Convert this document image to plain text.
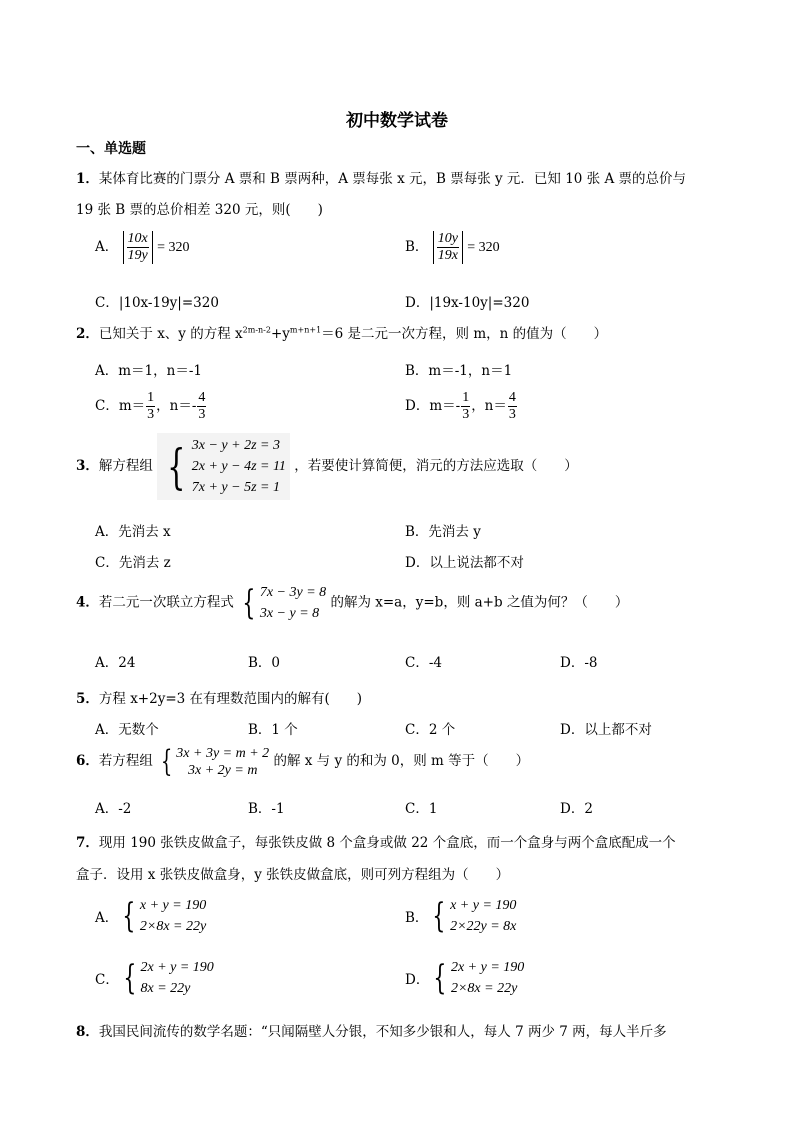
初中数学试卷
一、单选题
1．某体育比赛的门票分 A 票和 B 票两种，A 票每张 x 元，B 票每张 y 元．已知 10 张 A 票的总价与
19 张 B 票的总价相差 320 元，则(　　)
A． $\frac{10x}{19y} = 320$	B． $\frac{10y}{19x} = 320$
C．|10x-19y|=320	D．|19x-10y|=320
2．已知关于 x、y 的方程 $x^{2m-n-2}+y^{m+n+1}=6$ 是二元一次方程，则 m，n 的值为（　　）
A．m＝1，n＝-1	B．m＝-1，n＝1
C．$m= \frac{1}{3}$ ，$n=- \frac{4}{3}$	D．$m=- \frac{1}{3}$ ，$n= \frac{4}{3}$
3．解方程组 { 3x − y + 2z = 3
2x + y − 4z = 11
7x + y − 5z = 1
，若要使计算简便，消元的方法应选取（　　）
A．先消去 x	B．先消去 y
C．先消去 z	D．以上说法都不对
4．若二元一次联立方程式 { 7x − 3y = 8
3x − y = 8
的解为 x=a，y=b，则 a+b 之值为何？（　　）
A．24	B．0	C．-4	D．-8
5．方程 x+2y=3 在有理数范围内的解有(　　)
A．无数个	B．1 个	C．2 个	D．以上都不对
6．若方程组 { 3x + 3y = m + 2
3x + 2y = m
的解 x 与 y 的和为 0，则 m 等于（　　）
A．-2	B．-1	C．1	D．2
7．现用 190 张铁皮做盒子，每张铁皮做 8 个盒身或做 22 个盒底，而一个盒身与两个盒底配成一个
盒子．设用 x 张铁皮做盒身，y 张铁皮做盒底，则可列方程组为（　　）
A． { x + y = 190
2×8x = 22y
B． { x + y = 190
2×22y = 8x
C． { 2x + y = 190
8x = 22y
D． { 2x + y = 190
2×8x = 22y
8．我国民间流传的数学名题：“只闻隔壁人分银，不知多少银和人，每人 7 两少 7 两，每人半斤多
